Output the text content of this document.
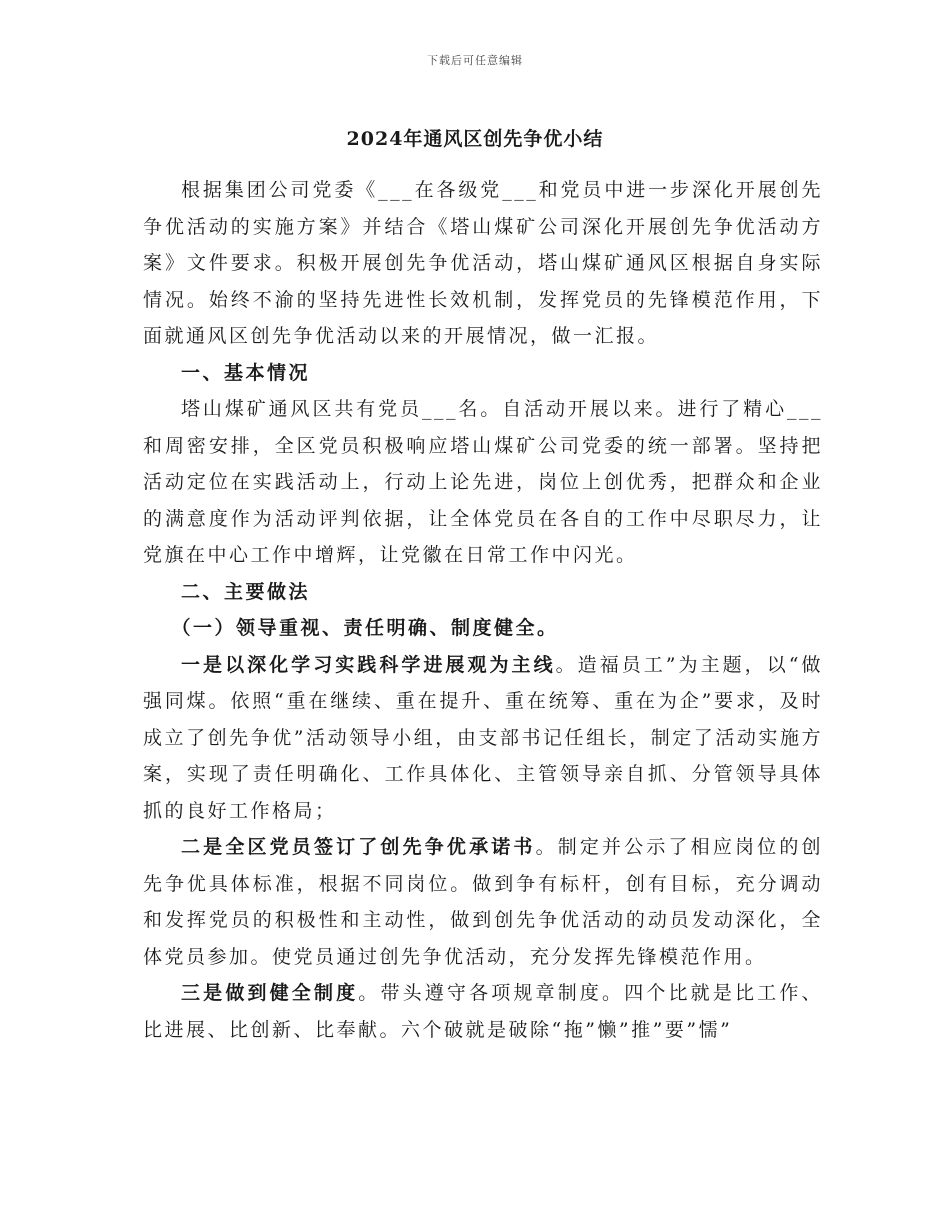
下载后可任意编辑
2024年通风区创先争优小结

根据集团公司党委《___在各级党___和党员中进一步深化开展创先争优活动的实施方案》并结合《塔山煤矿公司深化开展创先争优活动方案》文件要求。积极开展创先争优活动，塔山煤矿通风区根据自身实际情况。始终不渝的坚持先进性长效机制，发挥党员的先锋模范作用，下面就通风区创先争优活动以来的开展情况，做一汇报。

一、基本情况

塔山煤矿通风区共有党员___名。自活动开展以来。进行了精心___和周密安排，全区党员积极响应塔山煤矿公司党委的统一部署。坚持把活动定位在实践活动上，行动上论先进，岗位上创优秀，把群众和企业的满意度作为活动评判依据，让全体党员在各自的工作中尽职尽力，让党旗在中心工作中增辉，让党徽在日常工作中闪光。

二、主要做法

（一）领导重视、责任明确、制度健全。

一是以深化学习实践科学进展观为主线。造福员工”为主题，以“做强同煤。依照“重在继续、重在提升、重在统筹、重在为企”要求，及时成立了创先争优”活动领导小组，由支部书记任组长，制定了活动实施方案，实现了责任明确化、工作具体化、主管领导亲自抓、分管领导具体抓的良好工作格局；

二是全区党员签订了创先争优承诺书。制定并公示了相应岗位的创先争优具体标准，根据不同岗位。做到争有标杆，创有目标，充分调动和发挥党员的积极性和主动性，做到创先争优活动的动员发动深化，全体党员参加。使党员通过创先争优活动，充分发挥先锋模范作用。

三是做到健全制度。带头遵守各项规章制度。四个比就是比工作、比进展、比创新、比奉献。六个破就是破除“拖”懒”推”要”懦”
